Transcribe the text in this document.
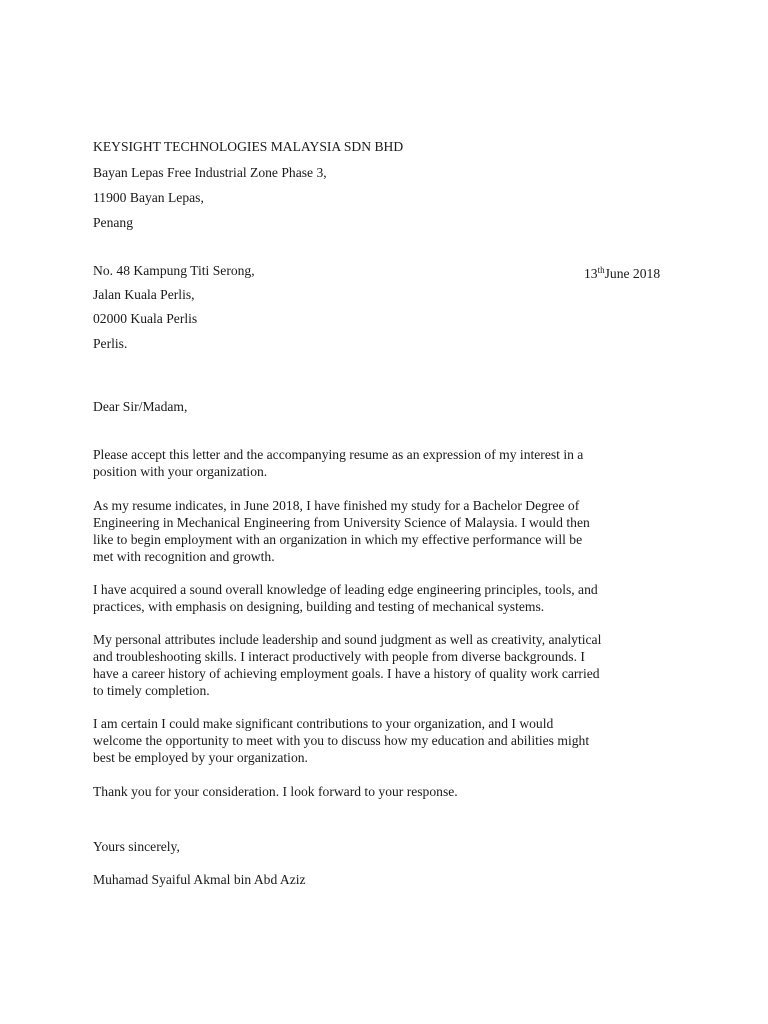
KEYSIGHT TECHNOLOGIES MALAYSIA SDN BHD
Bayan Lepas Free Industrial Zone Phase 3,
11900 Bayan Lepas,
Penang
No. 48 Kampung Titi Serong,
Jalan Kuala Perlis,
02000 Kuala Perlis
Perlis.
13thJune 2018
Dear Sir/Madam,
Please accept this letter and the accompanying resume as an expression of my interest in a
position with your organization.
As my resume indicates, in June 2018, I have finished my study for a Bachelor Degree of
Engineering in Mechanical Engineering from University Science of Malaysia. I would then
like to begin employment with an organization in which my effective performance will be
met with recognition and growth.
I have acquired a sound overall knowledge of leading edge engineering principles, tools, and
practices, with emphasis on designing, building and testing of mechanical systems.
My personal attributes include leadership and sound judgment as well as creativity, analytical
and troubleshooting skills. I interact productively with people from diverse backgrounds. I
have a career history of achieving employment goals. I have a history of quality work carried
to timely completion.
I am certain I could make significant contributions to your organization, and I would
welcome the opportunity to meet with you to discuss how my education and abilities might
best be employed by your organization.
Thank you for your consideration. I look forward to your response.
Yours sincerely,
Muhamad Syaiful Akmal bin Abd Aziz
